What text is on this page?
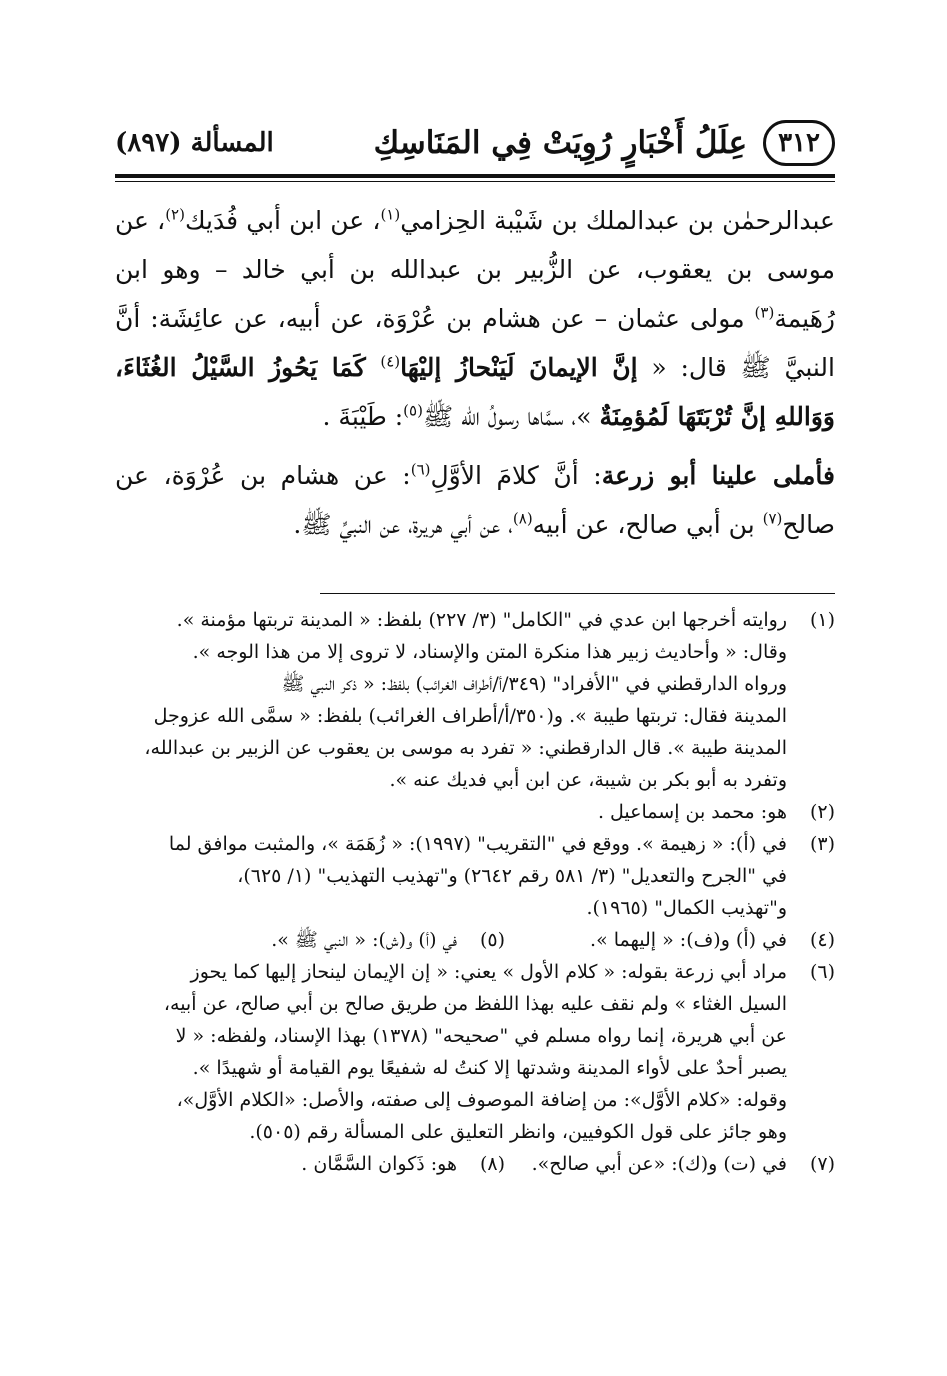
٣١٢
عِلَلُ أَخْبَارٍ رُوِيَتْ فِي المَنَاسِكِ
المسألة (٨٩٧)

عبدالرحمٰن بن عبدالملك بن شَيْبة الحِزامي$^{(١)}$، عن ابن أبي فُدَيك$^{(٢)}$، عن موسى بن يعقوب، عن الزُّبير بن عبدالله بن أبي خالد – وهو ابن رُهَيمة$^{(٣)}$ مولى عثمان – عن هشام بن عُرْوَة، عن أبيه، عن عائِشَة: أنَّ النبيَّ ﷺ قال: « إنَّ الإيمانَ لَيَنْحازُ إليْهَا$^{(٤)}$ كَمَا يَحُوزُ السَّيْلُ الغُثَاءَ، وَوَاللهِ إنَّ تُرْبَتَهَا لَمُؤمِنَةٌ »، سمَّاها رسولُ الله ﷺ$^{(٥)}$: طَيْبَةَ .

فأملى علينا أبو زرعة: أنَّ كلامَ الأوَّلِ$^{(٦)}$: عن هشام بن عُرْوَة، عن صالح$^{(٧)}$ بن أبي صالح، عن أبيه$^{(٨)}$، عن أبي هريرة، عن النبيِّ ﷺ.

(١)
روايته أخرجها ابن عدي في "الكامل" (٣/ ٢٢٧) بلفظ: « المدينة تربتها مؤمنة ».
وقال: « وأحاديث زبير هذا منكرة المتن والإسناد، لا تروى إلا من هذا الوجه ».
ورواه الدارقطني في "الأفراد" (٣٤٩/أ/أطراف الغرائب) بلفظ: « ذكر النبي ﷺ
المدينة فقال: تربتها طيبة ». و(٣٥٠/أ/أطراف الغرائب) بلفظ: « سمَّى الله عزوجل
المدينة طيبة ». قال الدارقطني: « تفرد به موسى بن يعقوب عن الزبير بن عبدالله،
وتفرد به أبو بكر بن شيبة، عن ابن أبي فديك عنه ».
(٢)
هو: محمد بن إسماعيل .
(٣)
في (أ): « زهيمة ». ووقع في "التقريب" (١٩٩٧): « زُهَمَة »، والمثبت موافق لما
في "الجرح والتعديل" (٣/ ٥٨١ رقم ٢٦٤٢) و"تهذيب التهذيب" (١/ ٦٢٥)،
و"تهذيب الكمال" (١٩٦٥).
(٤)
في (أ) و(ف): « إليهما ».
(٥)
في (أ) و(ش): « النبي ﷺ ».
(٦)
مراد أبي زرعة بقوله: « كلام الأول » يعني: « إن الإيمان لينحاز إليها كما يحوز
السيل الغثاء » ولم نقف عليه بهذا اللفظ من طريق صالح بن أبي صالح، عن أبيه،
عن أبي هريرة، إنما رواه مسلم في "صحيحه" (١٣٧٨) بهذا الإسناد، ولفظه: « لا
يصبر أحدٌ على لأواء المدينة وشدتها إلا كنتُ له شفيعًا يوم القيامة أو شهيدًا ».
وقوله: «كلام الأوَّل»: من إضافة الموصوف إلى صفته، والأصل: «الكلام الأوَّل»،
وهو جائز على قول الكوفيين، وانظر التعليق على المسألة رقم (٥٠٥).
(٧)
في (ت) و(ك): «عن أبي صالح».
(٨)
هو: ذَكوان السَّمَّان .
